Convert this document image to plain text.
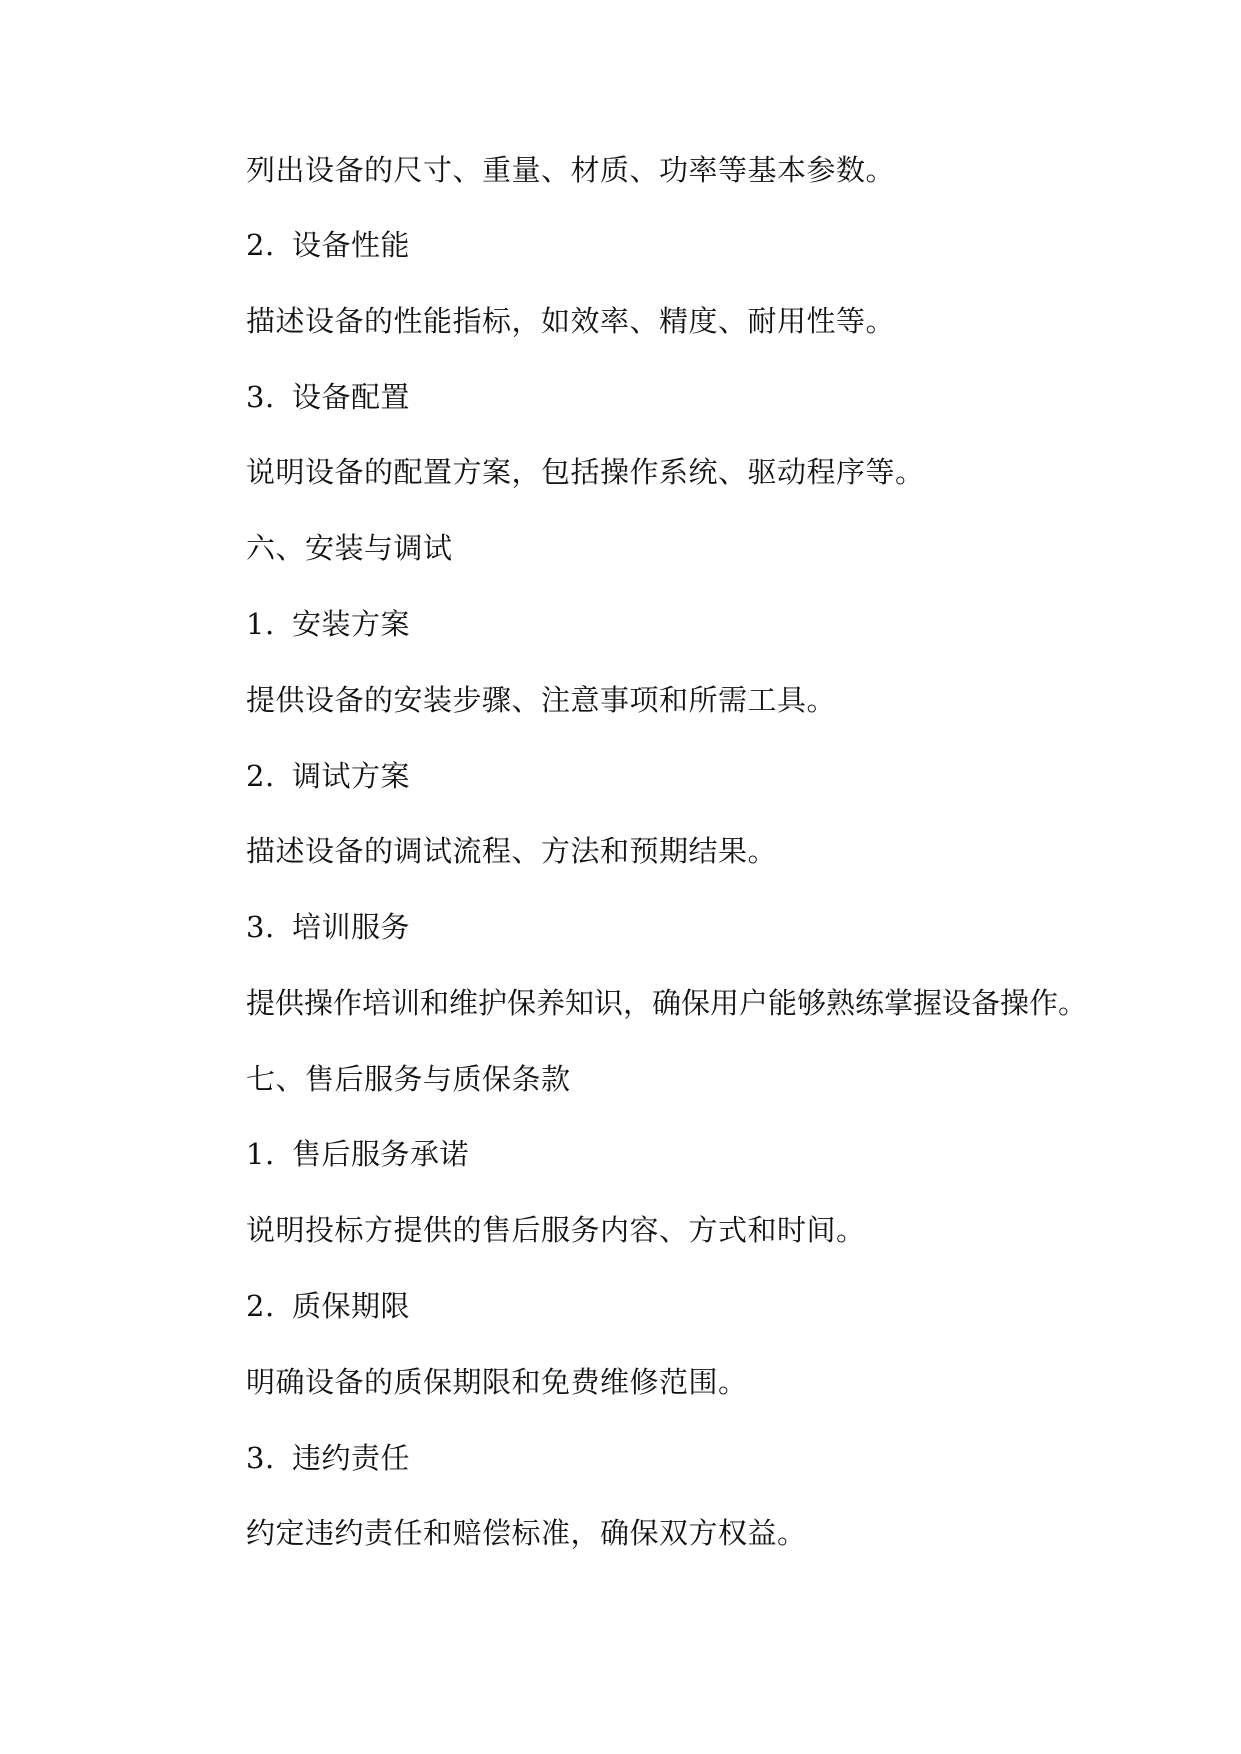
列出设备的尺寸、重量、材质、功率等基本参数。

2. 设备性能

描述设备的性能指标，如效率、精度、耐用性等。

3. 设备配置

说明设备的配置方案，包括操作系统、驱动程序等。

六、安装与调试

1. 安装方案

提供设备的安装步骤、注意事项和所需工具。

2. 调试方案

描述设备的调试流程、方法和预期结果。

3. 培训服务

提供操作培训和维护保养知识，确保用户能够熟练掌握设备操作。

七、售后服务与质保条款

1. 售后服务承诺

说明投标方提供的售后服务内容、方式和时间。

2. 质保期限

明确设备的质保期限和免费维修范围。

3. 违约责任

约定违约责任和赔偿标准，确保双方权益。
